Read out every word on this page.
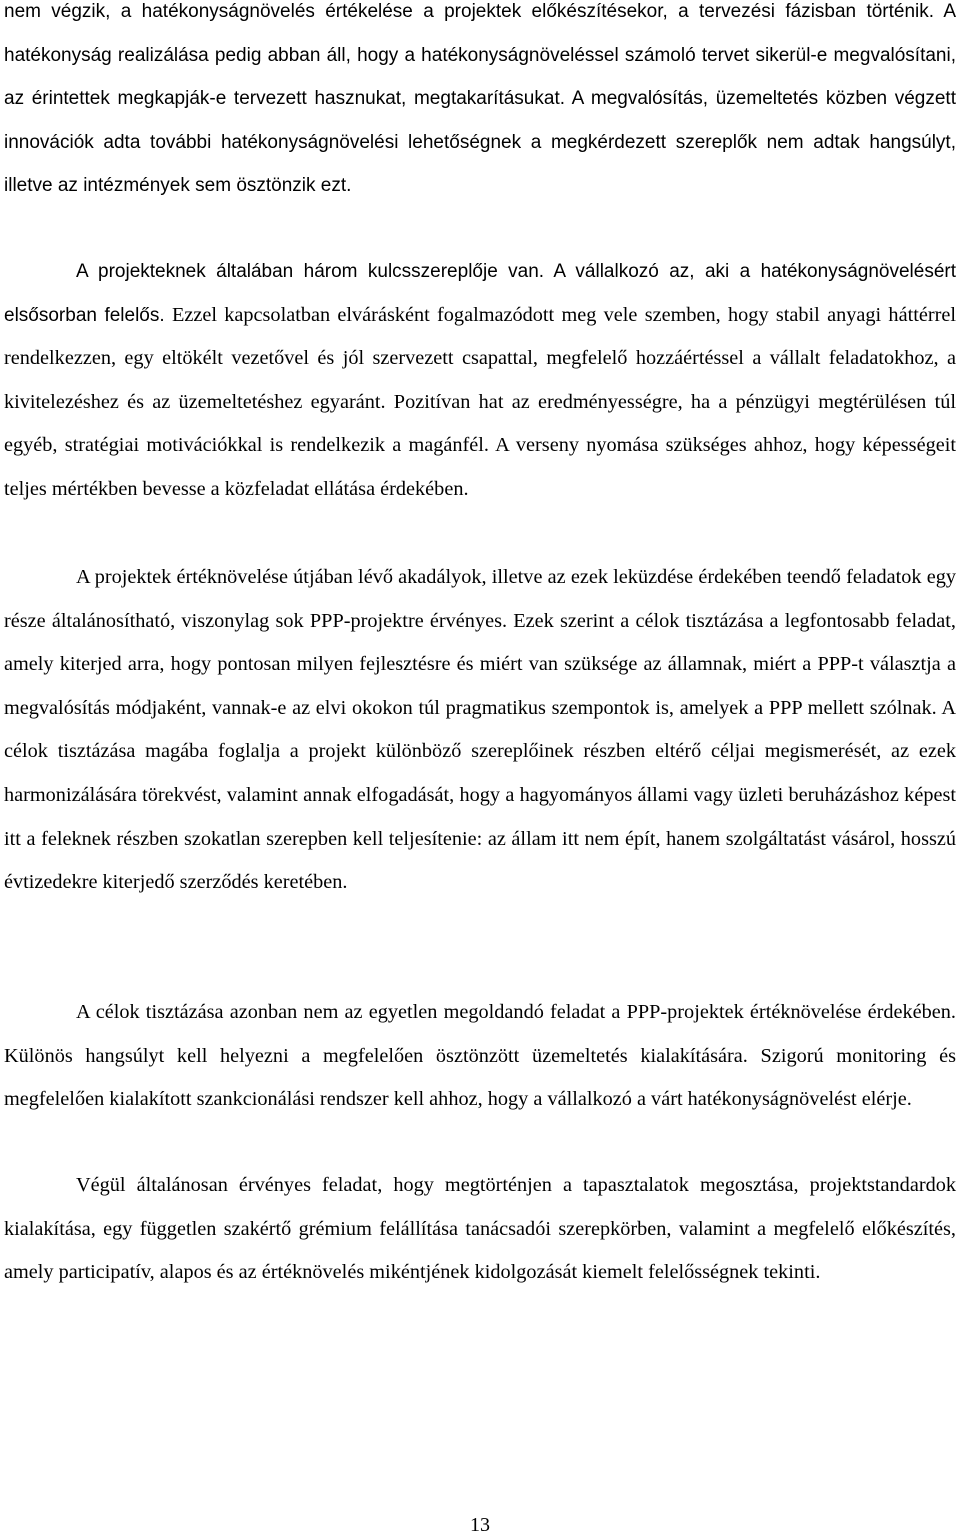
nem végzik, a hatékonyságnövelés értékelése a projektek előkészítésekor, a tervezési fázisban történik. A hatékonyság realizálása pedig abban áll, hogy a hatékonyságnöveléssel számoló tervet sikerül-e megvalósítani, az érintettek megkapják-e tervezett hasznukat, megtakarításukat. A megvalósítás, üzemeltetés közben végzett innovációk adta további hatékonyságnövelési lehetőségnek a megkérdezett szereplők nem adtak hangsúlyt, illetve az intézmények sem ösztönzik ezt.

A projekteknek általában három kulcsszereplője van. A vállalkozó az, aki a hatékonyságnövelésért elsősorban felelős. Ezzel kapcsolatban elvárásként fogalmazódott meg vele szemben, hogy stabil anyagi háttérrel rendelkezzen, egy eltökélt vezetővel és jól szervezett csapattal, megfelelő hozzáértéssel a vállalt feladatokhoz, a kivitelezéshez és az üzemeltetéshez egyaránt. Pozitívan hat az eredményességre, ha a pénzügyi megtérülésen túl egyéb, stratégiai motivációkkal is rendelkezik a magánfél. A verseny nyomása szükséges ahhoz, hogy képességeit teljes mértékben bevesse a közfeladat ellátása érdekében.

A projektek értéknövelése útjában lévő akadályok, illetve az ezek leküzdése érdekében teendő feladatok egy része általánosítható, viszonylag sok PPP-projektre érvényes. Ezek szerint a célok tisztázása a legfontosabb feladat, amely kiterjed arra, hogy pontosan milyen fejlesztésre és miért van szüksége az államnak, miért a PPP-t választja a megvalósítás módjaként, vannak-e az elvi okokon túl pragmatikus szempontok is, amelyek a PPP mellett szólnak. A célok tisztázása magába foglalja a projekt különböző szereplőinek részben eltérő céljai megismerését, az ezek harmonizálására törekvést, valamint annak elfogadását, hogy a hagyományos állami vagy üzleti beruházáshoz képest itt a feleknek részben szokatlan szerepben kell teljesítenie: az állam itt nem épít, hanem szolgáltatást vásárol, hosszú évtizedekre kiterjedő szerződés keretében.

A célok tisztázása azonban nem az egyetlen megoldandó feladat a PPP-projektek értéknövelése érdekében. Különös hangsúlyt kell helyezni a megfelelően ösztönzött üzemeltetés kialakítására. Szigorú monitoring és megfelelően kialakított szankcionálási rendszer kell ahhoz, hogy a vállalkozó a várt hatékonyságnövelést elérje.

Végül általánosan érvényes feladat, hogy megtörténjen a tapasztalatok megosztása, projektstandardok kialakítása, egy független szakértő grémium felállítása tanácsadói szerepkörben, valamint a megfelelő előkészítés, amely participatív, alapos és az értéknövelés mikéntjének kidolgozását kiemelt felelősségnek tekinti.

13
